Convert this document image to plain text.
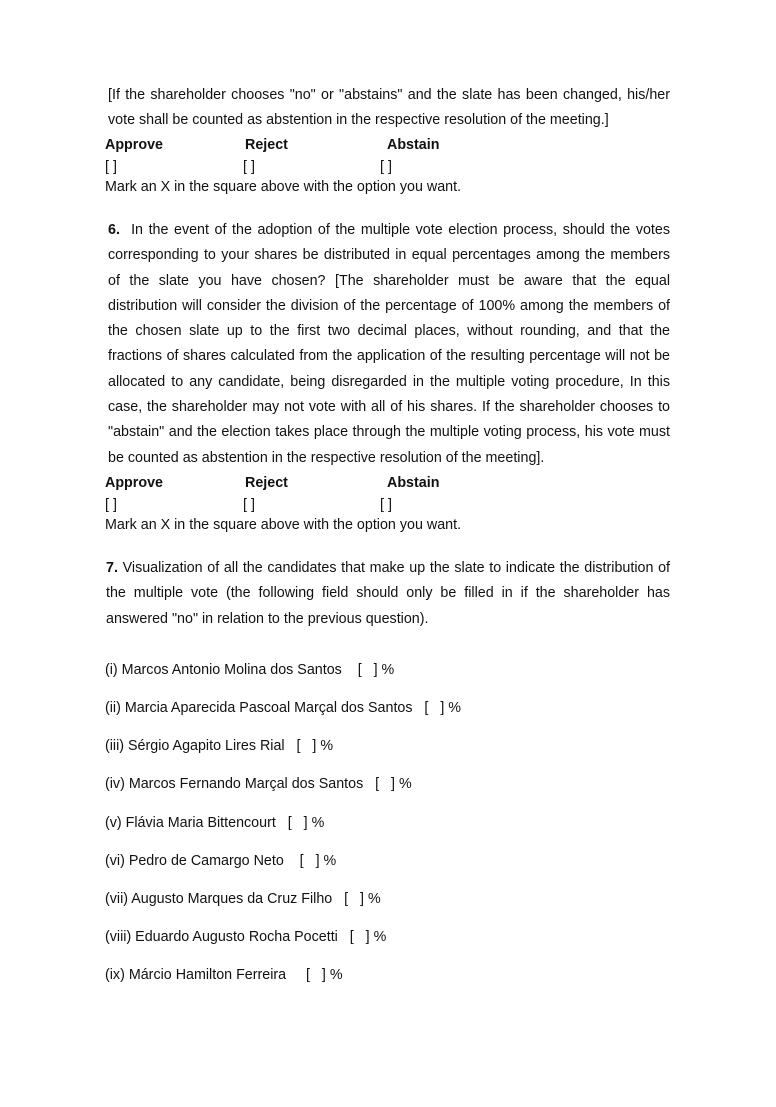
[If the shareholder chooses "no" or "abstains" and the slate has been changed, his/her vote shall be counted as abstention in the respective resolution of the meeting.]

Approve	Reject	Abstain
[ ]	[ ]	[ ]
Mark an X in the square above with the option you want.

6. In the event of the adoption of the multiple vote election process, should the votes corresponding to your shares be distributed in equal percentages among the members of the slate you have chosen? [The shareholder must be aware that the equal distribution will consider the division of the percentage of 100% among the members of the chosen slate up to the first two decimal places, without rounding, and that the fractions of shares calculated from the application of the resulting percentage will not be allocated to any candidate, being disregarded in the multiple voting procedure, In this case, the shareholder may not vote with all of his shares. If the shareholder chooses to "abstain" and the election takes place through the multiple voting process, his vote must be counted as abstention in the respective resolution of the meeting].

Approve	Reject	Abstain
[ ]	[ ]	[ ]
Mark an X in the square above with the option you want.

7. Visualization of all the candidates that make up the slate to indicate the distribution of the multiple vote (the following field should only be filled in if the shareholder has answered "no" in relation to the previous question).

(i) Marcos Antonio Molina dos Santos    [   ] %
(ii) Marcia Aparecida Pascoal Marçal dos Santos   [   ] %
(iii) Sérgio Agapito Lires Rial   [   ] %
(iv) Marcos Fernando Marçal dos Santos   [   ] %
(v) Flávia Maria Bittencourt   [   ] %
(vi) Pedro de Camargo Neto    [   ] %
(vii) Augusto Marques da Cruz Filho   [   ] %
(viii) Eduardo Augusto Rocha Pocetti   [   ] %
(ix) Márcio Hamilton Ferreira     [   ] %
